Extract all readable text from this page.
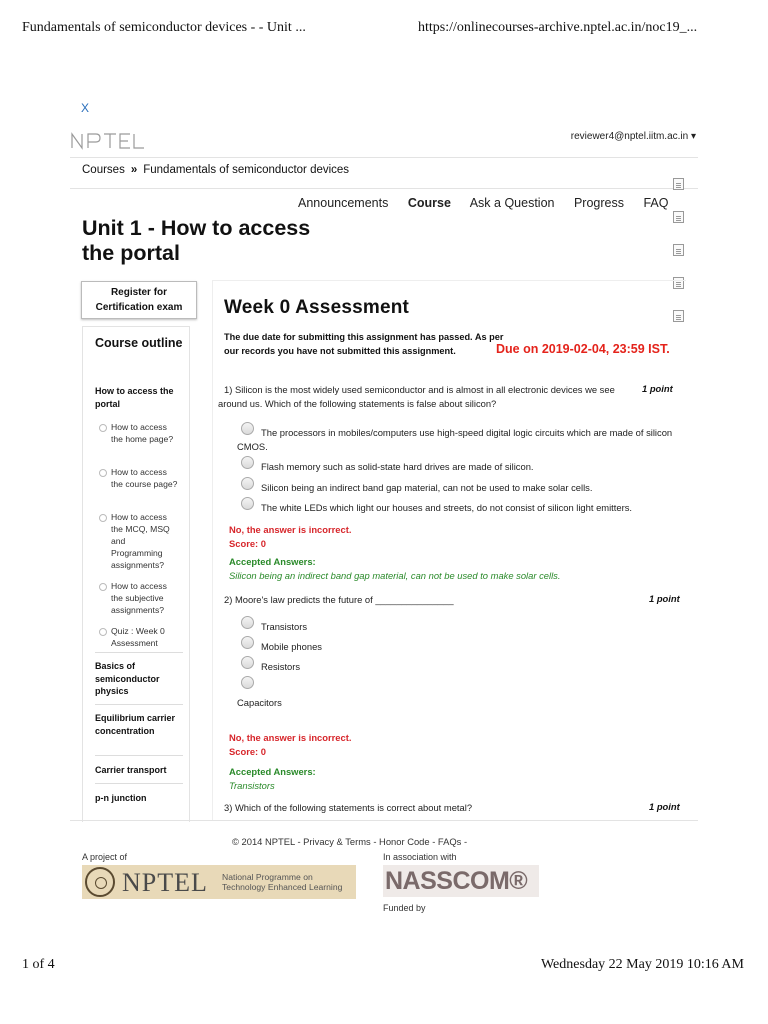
Fundamentals of semiconductor devices - - Unit ...	https://onlinecourses-archive.nptel.ac.in/noc19_...
X
reviewer4@nptel.iitm.ac.in ▾
Courses » Fundamentals of semiconductor devices
Announcements Course Ask a Question Progress FAQ
Unit 1 - How to access the portal
Register for Certification exam
Course outline
How to access the portal
How to access the home page?
How to access the course page?
How to access the MCQ, MSQ and Programming assignments?
How to access the subjective assignments?
Quiz : Week 0 Assessment
Basics of semiconductor physics
Equilibrium carrier concentration
Carrier transport
p-n junction
Week 0 Assessment
The due date for submitting this assignment has passed. As per our records you have not submitted this assignment.	Due on 2019-02-04, 23:59 IST.
1) Silicon is the most widely used semiconductor and is almost in all electronic devices we see around us. Which of the following statements is false about silicon?
1 point
The processors in mobiles/computers use high-speed digital logic circuits which are made of silicon CMOS.
Flash memory such as solid-state hard drives are made of silicon.
Silicon being an indirect band gap material, can not be used to make solar cells.
The white LEDs which light our houses and streets, do not consist of silicon light emitters.
No, the answer is incorrect.
Score: 0
Accepted Answers:
Silicon being an indirect band gap material, can not be used to make solar cells.
2) Moore's law predicts the future of _______________	1 point
Transistors
Mobile phones
Resistors
Capacitors
No, the answer is incorrect.
Score: 0
Accepted Answers:
Transistors
3) Which of the following statements is correct about metal?	1 point
© 2014 NPTEL - Privacy & Terms - Honor Code - FAQs -
A project of	In association with
NPTEL National Programme on Technology Enhanced Learning	NASSCOM®
Funded by
1 of 4	Wednesday 22 May 2019 10:16 AM
